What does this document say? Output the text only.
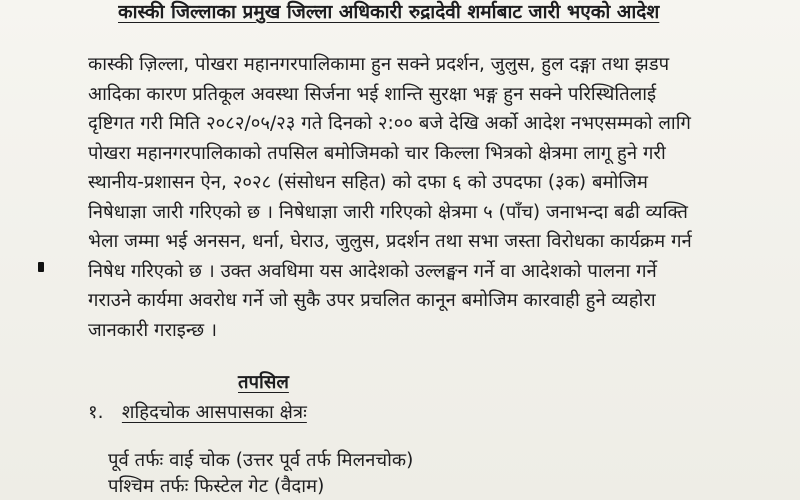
कास्की जिल्लाका प्रमुख जिल्ला अधिकारी रुद्रादेवी शर्माबाट जारी भएको आदेश
कास्की ज़िल्ला, पोखरा महानगरपालिकामा हुन सक्ने प्रदर्शन, जुलुस, हुल दङ्गा तथा झडप
आदिका कारण प्रतिकूल अवस्था सिर्जना भई शान्ति सुरक्षा भङ्ग हुन सक्ने परिस्थितिलाई
दृष्टिगत गरी मिति २०८२/०५/२३ गते दिनको २:०० बजे देखि अर्को आदेश नभएसम्मको लागि
पोखरा महानगरपालिकाको तपसिल बमोजिमको चार किल्ला भित्रको क्षेत्रमा लागू हुने गरी
स्थानीय-प्रशासन ऐन, २०२८ (संसोधन सहित) को दफा ६ को उपदफा (३क) बमोजिम
निषेधाज्ञा जारी गरिएको छ । निषेधाज्ञा जारी गरिएको क्षेत्रमा ५ (पाँच) जनाभन्दा बढी व्यक्ति
भेला जम्मा भई अनसन, धर्ना, घेराउ, जुलुस, प्रदर्शन तथा सभा जस्ता विरोधका कार्यक्रम गर्न
निषेध गरिएको छ । उक्त अवधिमा यस आदेशको उल्लङ्घन गर्ने वा आदेशको पालना गर्ने
गराउने कार्यमा अवरोध गर्ने जो सुकै उपर प्रचलित कानून बमोजिम कारवाही हुने व्यहोरा
जानकारी गराइन्छ ।
तपसिल
१. शहिदचोक आसपासका क्षेत्रः
पूर्व तर्फः वाई चोक (उत्तर पूर्व तर्फ मिलनचोक)
पश्चिम तर्फः फिस्टेल गेट (वैदाम)
